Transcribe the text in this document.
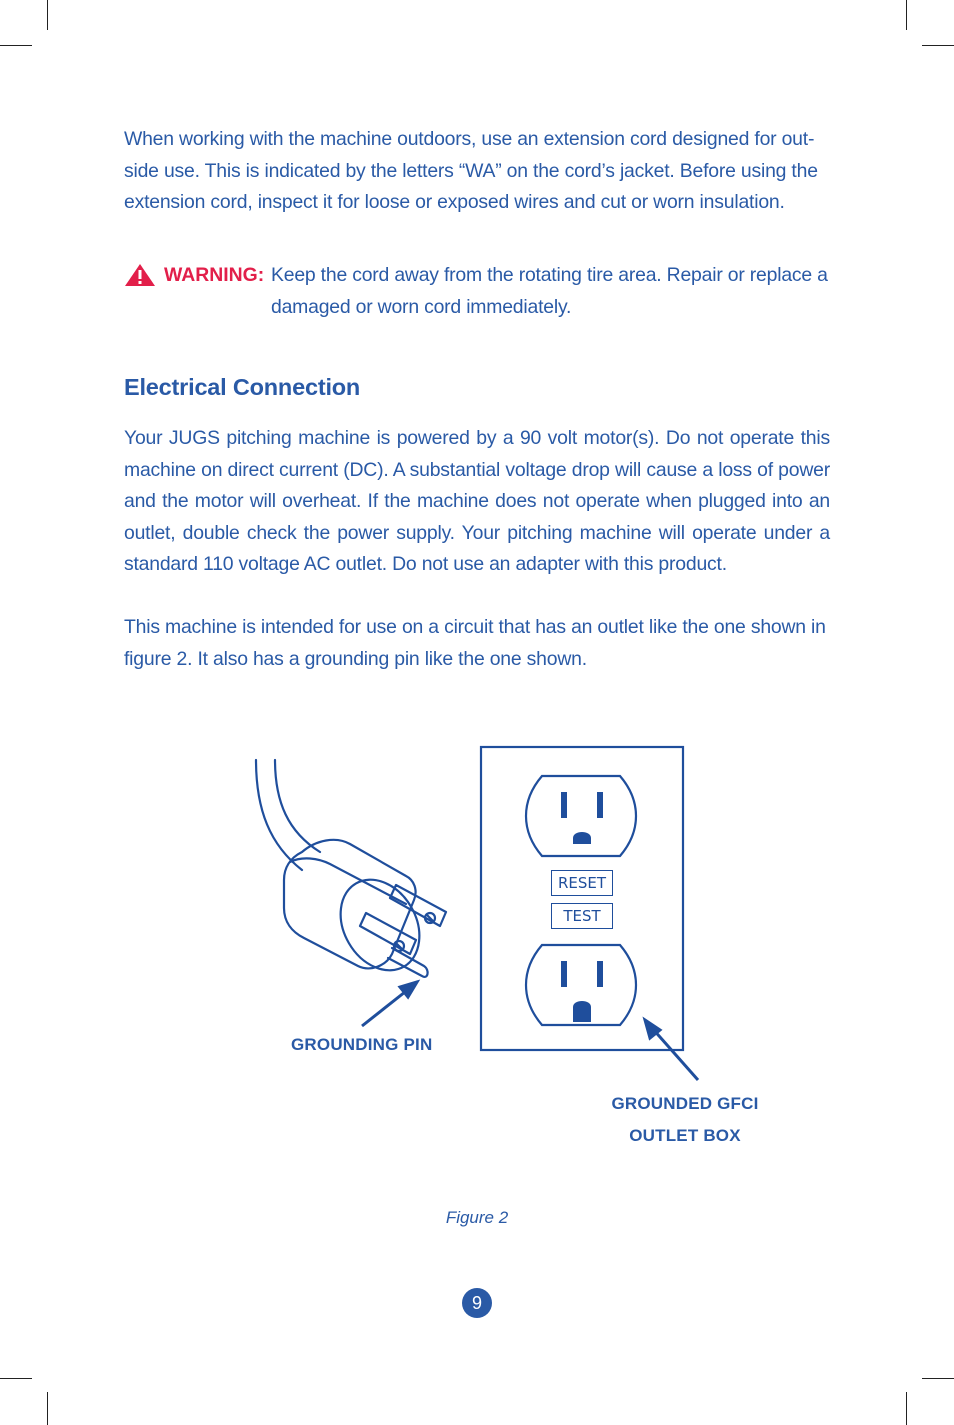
When working with the machine outdoors, use an extension cord designed for out- side use. This is indicated by the letters “WA” on the cord’s jacket. Before using the extension cord, inspect it for loose or exposed wires and cut or worn insulation.

WARNING: Keep the cord away from the rotating tire area. Repair or replace a damaged or worn cord immediately.

Electrical Connection

Your JUGS pitching machine is powered by a 90 volt motor(s). Do not operate this machine on direct current (DC). A substantial voltage drop will cause a loss of power and the motor will overheat. If the machine does not operate when plugged into an outlet, double check the power supply. Your pitching machine will operate under a standard 110 voltage AC outlet. Do not use an adapter with this product.

This machine is intended for use on a circuit that has an outlet like the one shown in figure 2. It also has a grounding pin like the one shown.

RESET
TEST
GROUNDING PIN
GROUNDED GFCI
OUTLET BOX
Figure 2
9
